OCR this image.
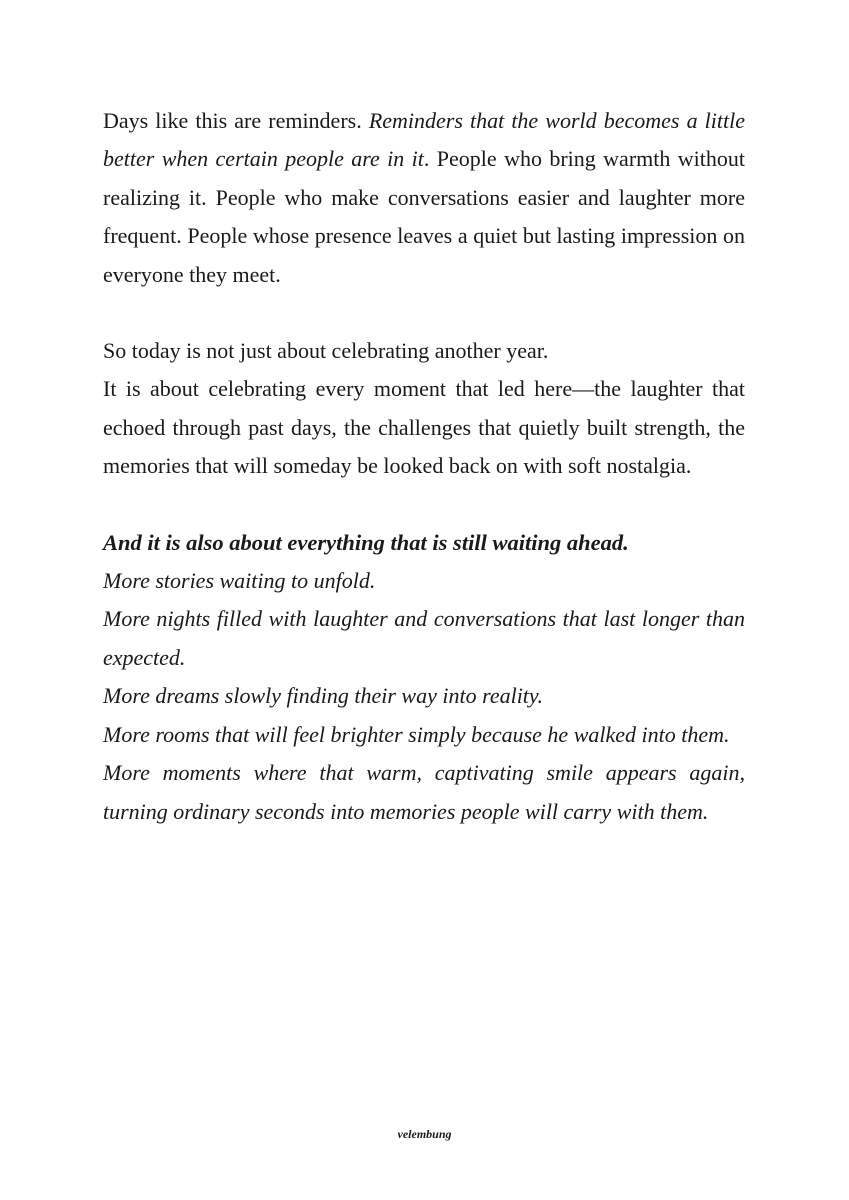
Days like this are reminders. Reminders that the world becomes a little better when certain people are in it. People who bring warmth without realizing it. People who make conversations easier and laughter more frequent. People whose presence leaves a quiet but lasting impression on everyone they meet.

So today is not just about celebrating another year.
It is about celebrating every moment that led here—the laughter that echoed through past days, the challenges that quietly built strength, the memories that will someday be looked back on with soft nostalgia.

And it is also about everything that is still waiting ahead.
More stories waiting to unfold.
More nights filled with laughter and conversations that last longer than expected.
More dreams slowly finding their way into reality.
More rooms that will feel brighter simply because he walked into them.
More moments where that warm, captivating smile appears again, turning ordinary seconds into memories people will carry with them.

velembung
